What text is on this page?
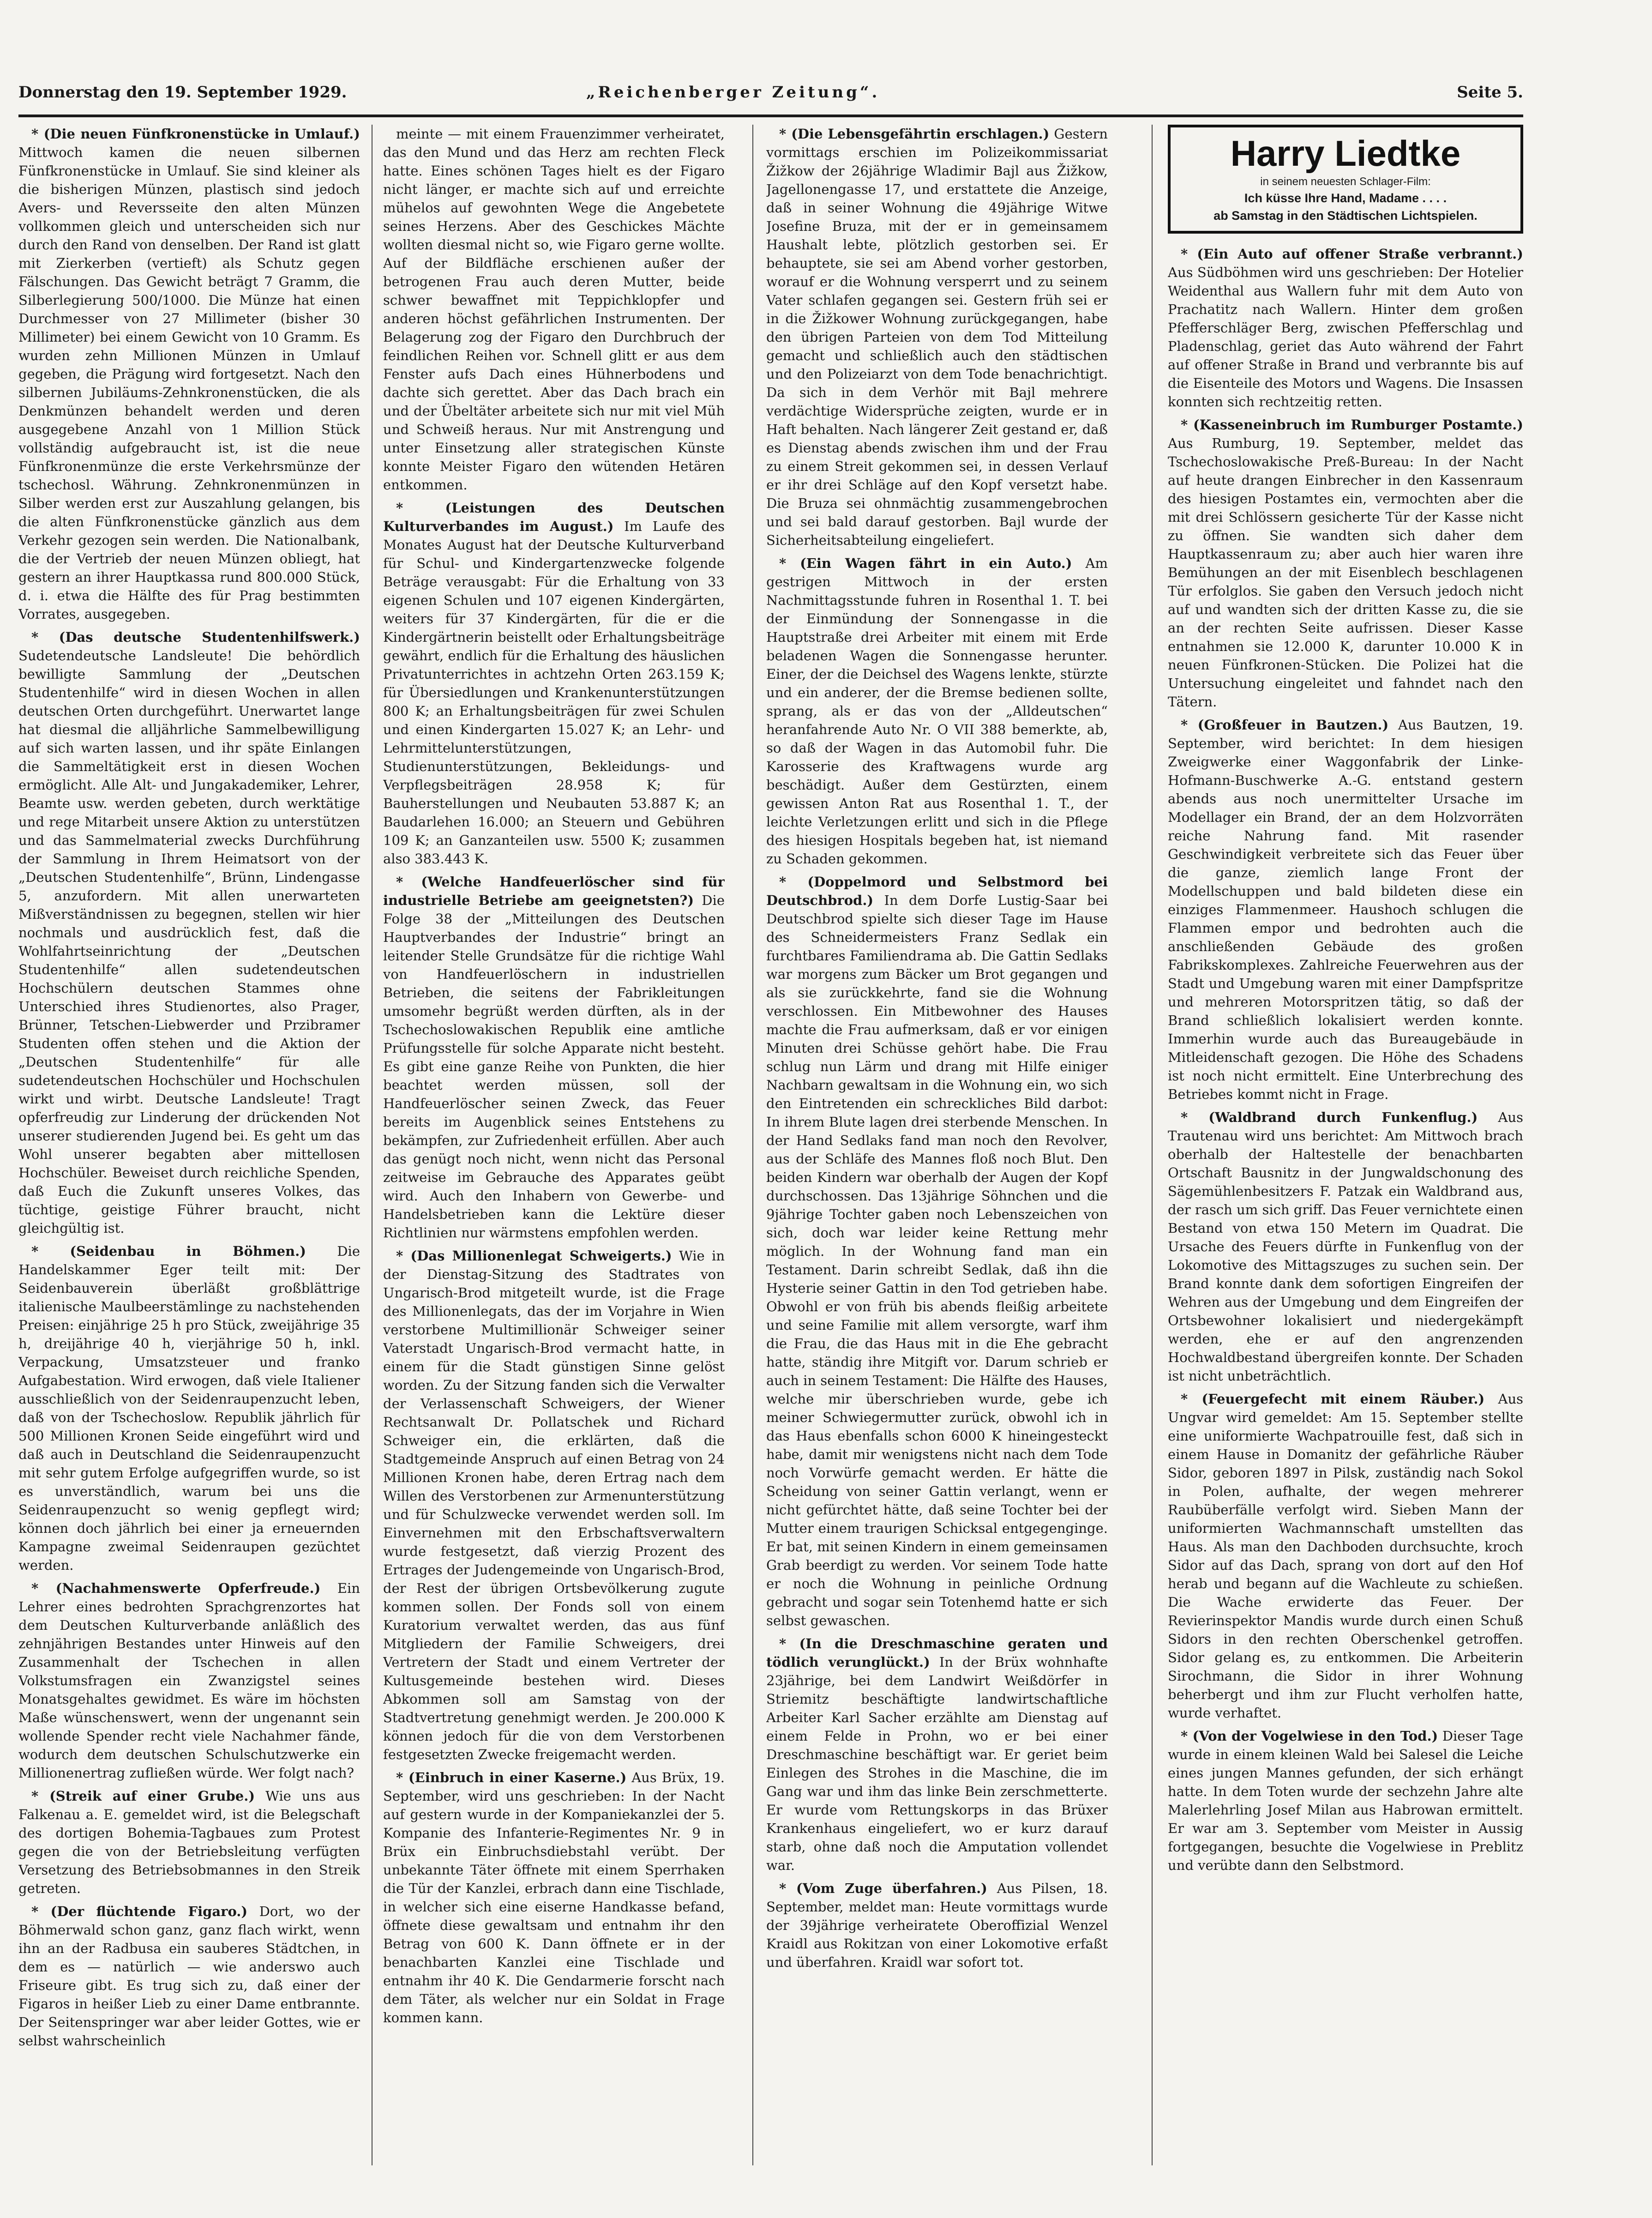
Donnerstag den 19. September 1929.	„Reichenberger Zeitung“.	Seite 5.

* (Die neuen Fünfkronenstücke in Umlauf.) Mittwoch kamen die neuen silbernen Fünfkronenstücke in Umlauf. Sie sind kleiner als die bisherigen Münzen, plastisch sind jedoch Avers- und Reversseite den alten Münzen vollkommen gleich und unterscheiden sich nur durch den Rand von denselben. Der Rand ist glatt mit Zierkerben (vertieft) als Schutz gegen Fälschungen. Das Gewicht beträgt 7 Gramm, die Silberlegierung 500/1000. Die Münze hat einen Durchmesser von 27 Millimeter (bisher 30 Millimeter) bei einem Gewicht von 10 Gramm. Es wurden zehn Millionen Münzen in Umlauf gegeben, die Prägung wird fortgesetzt. Nach den silbernen Jubiläums-Zehnkronenstücken, die als Denkmünzen behandelt werden und deren ausgegebene Anzahl von 1 Million Stück vollständig aufgebraucht ist, ist die neue Fünfkronenmünze die erste Verkehrsmünze der tschechosl. Währung. Zehnkronenmünzen in Silber werden erst zur Auszahlung gelangen, bis die alten Fünfkronenstücke gänzlich aus dem Verkehr gezogen sein werden. Die Nationalbank, die der Vertrieb der neuen Münzen obliegt, hat gestern an ihrer Hauptkassa rund 800.000 Stück, d. i. etwa die Hälfte des für Prag bestimmten Vorrates, ausgegeben.

* (Das deutsche Studentenhilfswerk.) Sudetendeutsche Landsleute! Die behördlich bewilligte Sammlung der „Deutschen Studentenhilfe“ wird in diesen Wochen in allen deutschen Orten durchgeführt. Unerwartet lange hat diesmal die alljährliche Sammelbewilligung auf sich warten lassen, und ihr späte Einlangen die Sammeltätigkeit erst in diesen Wochen ermöglicht. Alle Alt- und Jungakademiker, Lehrer, Beamte usw. werden gebeten, durch werktätige und rege Mitarbeit unsere Aktion zu unterstützen und das Sammelmaterial zwecks Durchführung der Sammlung in Ihrem Heimatsort von der „Deutschen Studentenhilfe“, Brünn, Lindengasse 5, anzufordern. Mit allen unerwarteten Mißverständnissen zu begegnen, stellen wir hier nochmals und ausdrücklich fest, daß die Wohlfahrtseinrichtung der „Deutschen Studentenhilfe“ allen sudetendeutschen Hochschülern deutschen Stammes ohne Unterschied ihres Studienortes, also Prager, Brünner, Tetschen-Liebwerder und Przibramer Studenten offen stehen und die Aktion der „Deutschen Studentenhilfe“ für alle sudetendeutschen Hochschüler und Hochschulen wirkt und wirbt. Deutsche Landsleute! Tragt opferfreudig zur Linderung der drückenden Not unserer studierenden Jugend bei. Es geht um das Wohl unserer begabten aber mittellosen Hochschüler. Beweiset durch reichliche Spenden, daß Euch die Zukunft unseres Volkes, das tüchtige, geistige Führer braucht, nicht gleichgültig ist.

* (Seidenbau in Böhmen.) Die Handelskammer Eger teilt mit: Der Seidenbauverein überläßt großblättrige italienische Maulbeerstämlinge zu nachstehenden Preisen: einjährige 25 h pro Stück, zweijährige 35 h, dreijährige 40 h, vierjährige 50 h, inkl. Verpackung, Umsatzsteuer und franko Aufgabestation. Wird erwogen, daß viele Italiener ausschließlich von der Seidenraupenzucht leben, daß von der Tschechoslow. Republik jährlich für 500 Millionen Kronen Seide eingeführt wird und daß auch in Deutschland die Seidenraupenzucht mit sehr gutem Erfolge aufgegriffen wurde, so ist es unverständlich, warum bei uns die Seidenraupenzucht so wenig gepflegt wird; können doch jährlich bei einer ja erneuernden Kampagne zweimal Seidenraupen gezüchtet werden.

* (Nachahmenswerte Opferfreude.) Ein Lehrer eines bedrohten Sprachgrenzortes hat dem Deutschen Kulturverbande anläßlich des zehnjährigen Bestandes unter Hinweis auf den Zusammenhalt der Tschechen in allen Volkstumsfragen ein Zwanzigstel seines Monatsgehaltes gewidmet. Es wäre im höchsten Maße wünschenswert, wenn der ungenannt sein wollende Spender recht viele Nachahmer fände, wodurch dem deutschen Schulschutzwerke ein Millionenertrag zufließen würde. Wer folgt nach?

* (Streik auf einer Grube.) Wie uns aus Falkenau a. E. gemeldet wird, ist die Belegschaft des dortigen Bohemia-Tagbaues zum Protest gegen die von der Betriebsleitung verfügten Versetzung des Betriebsobmannes in den Streik getreten.

* (Der flüchtende Figaro.) Dort, wo der Böhmerwald schon ganz, ganz flach wirkt, wenn ihn an der Radbusa ein sauberes Städtchen, in dem es — natürlich — wie anderswo auch Friseure gibt. Es trug sich zu, daß einer der Figaros in heißer Lieb zu einer Dame entbrannte. Der Seitenspringer war aber leider Gottes, wie er selbst wahrscheinlich

meinte — mit einem Frauenzimmer verheiratet, das den Mund und das Herz am rechten Fleck hatte. Eines schönen Tages hielt es der Figaro nicht länger, er machte sich auf und erreichte mühelos auf gewohnten Wege die Angebetete seines Herzens. Aber des Geschickes Mächte wollten diesmal nicht so, wie Figaro gerne wollte. Auf der Bildfläche erschienen außer der betrogenen Frau auch deren Mutter, beide schwer bewaffnet mit Teppichklopfer und anderen höchst gefährlichen Instrumenten. Der Belagerung zog der Figaro den Durchbruch der feindlichen Reihen vor. Schnell glitt er aus dem Fenster aufs Dach eines Hühnerbodens und dachte sich gerettet. Aber das Dach brach ein und der Übeltäter arbeitete sich nur mit viel Müh und Schweiß heraus. Nur mit Anstrengung und unter Einsetzung aller strategischen Künste konnte Meister Figaro den wütenden Hetären entkommen.

* (Leistungen des Deutschen Kulturverbandes im August.) Im Laufe des Monates August hat der Deutsche Kulturverband für Schul- und Kindergartenzwecke folgende Beträge verausgabt: Für die Erhaltung von 33 eigenen Schulen und 107 eigenen Kindergärten, weiters für 37 Kindergärten, für die er die Kindergärtnerin beistellt oder Erhaltungsbeiträge gewährt, endlich für die Erhaltung des häuslichen Privatunterrichtes in achtzehn Orten 263.159 K; für Übersiedlungen und Krankenunterstützungen 800 K; an Erhaltungsbeiträgen für zwei Schulen und einen Kindergarten 15.027 K; an Lehr- und Lehrmittelunterstützungen, Studienunterstützungen, Bekleidungs- und Verpflegsbeiträgen 28.958 K; für Bauherstellungen und Neubauten 53.887 K; an Baudarlehen 16.000; an Steuern und Gebühren 109 K; an Ganzanteilen usw. 5500 K; zusammen also 383.443 K.

* (Welche Handfeuerlöscher sind für industrielle Betriebe am geeignetsten?) Die Folge 38 der „Mitteilungen des Deutschen Hauptverbandes der Industrie“ bringt an leitender Stelle Grundsätze für die richtige Wahl von Handfeuerlöschern in industriellen Betrieben, die seitens der Fabrikleitungen umsomehr begrüßt werden dürften, als in der Tschechoslowakischen Republik eine amtliche Prüfungsstelle für solche Apparate nicht besteht. Es gibt eine ganze Reihe von Punkten, die hier beachtet werden müssen, soll der Handfeuerlöscher seinen Zweck, das Feuer bereits im Augenblick seines Entstehens zu bekämpfen, zur Zufriedenheit erfüllen. Aber auch das genügt noch nicht, wenn nicht das Personal zeitweise im Gebrauche des Apparates geübt wird. Auch den Inhabern von Gewerbe- und Handelsbetrieben kann die Lektüre dieser Richtlinien nur wärmstens empfohlen werden.

* (Das Millionenlegat Schweigerts.) Wie in der Dienstag-Sitzung des Stadtrates von Ungarisch-Brod mitgeteilt wurde, ist die Frage des Millionenlegats, das der im Vorjahre in Wien verstorbene Multimillionär Schweiger seiner Vaterstadt Ungarisch-Brod vermacht hatte, in einem für die Stadt günstigen Sinne gelöst worden. Zu der Sitzung fanden sich die Verwalter der Verlassenschaft Schweigers, der Wiener Rechtsanwalt Dr. Pollatschek und Richard Schweiger ein, die erklärten, daß die Stadtgemeinde Anspruch auf einen Betrag von 24 Millionen Kronen habe, deren Ertrag nach dem Willen des Verstorbenen zur Armenunterstützung und für Schulzwecke verwendet werden soll. Im Einvernehmen mit den Erbschaftsverwaltern wurde festgesetzt, daß vierzig Prozent des Ertrages der Judengemeinde von Ungarisch-Brod, der Rest der übrigen Ortsbevölkerung zugute kommen sollen. Der Fonds soll von einem Kuratorium verwaltet werden, das aus fünf Mitgliedern der Familie Schweigers, drei Vertretern der Stadt und einem Vertreter der Kultusgemeinde bestehen wird. Dieses Abkommen soll am Samstag von der Stadtvertretung genehmigt werden. Je 200.000 K können jedoch für die von dem Verstorbenen festgesetzten Zwecke freigemacht werden.

* (Einbruch in einer Kaserne.) Aus Brüx, 19. September, wird uns geschrieben: In der Nacht auf gestern wurde in der Kompaniekanzlei der 5. Kompanie des Infanterie-Regimentes Nr. 9 in Brüx ein Einbruchsdiebstahl verübt. Der unbekannte Täter öffnete mit einem Sperrhaken die Tür der Kanzlei, erbrach dann eine Tischlade, in welcher sich eine eiserne Handkasse befand, öffnete diese gewaltsam und entnahm ihr den Betrag von 600 K. Dann öffnete er in der benachbarten Kanzlei eine Tischlade und entnahm ihr 40 K. Die Gendarmerie forscht nach dem Täter, als welcher nur ein Soldat in Frage kommen kann.

* (Die Lebensgefährtin erschlagen.) Gestern vormittags erschien im Polizeikommissariat Žižkow der 26jährige Wladimir Bajl aus Žižkow, Jagellonengasse 17, und erstattete die Anzeige, daß in seiner Wohnung die 49jährige Witwe Josefine Bruza, mit der er in gemeinsamem Haushalt lebte, plötzlich gestorben sei. Er behauptete, sie sei am Abend vorher gestorben, worauf er die Wohnung versperrt und zu seinem Vater schlafen gegangen sei. Gestern früh sei er in die Žižkower Wohnung zurückgegangen, habe den übrigen Parteien von dem Tod Mitteilung gemacht und schließlich auch den städtischen und den Polizeiarzt von dem Tode benachrichtigt. Da sich in dem Verhör mit Bajl mehrere verdächtige Widersprüche zeigten, wurde er in Haft behalten. Nach längerer Zeit gestand er, daß es Dienstag abends zwischen ihm und der Frau zu einem Streit gekommen sei, in dessen Verlauf er ihr drei Schläge auf den Kopf versetzt habe. Die Bruza sei ohnmächtig zusammengebrochen und sei bald darauf gestorben. Bajl wurde der Sicherheitsabteilung eingeliefert.

* (Ein Wagen fährt in ein Auto.) Am gestrigen Mittwoch in der ersten Nachmittagsstunde fuhren in Rosenthal 1. T. bei der Einmündung der Sonnengasse in die Hauptstraße drei Arbeiter mit einem mit Erde beladenen Wagen die Sonnengasse herunter. Einer, der die Deichsel des Wagens lenkte, stürzte und ein anderer, der die Bremse bedienen sollte, sprang, als er das von der „Alldeutschen“ heranfahrende Auto Nr. O VII 388 bemerkte, ab, so daß der Wagen in das Automobil fuhr. Die Karosserie des Kraftwagens wurde arg beschädigt. Außer dem Gestürzten, einem gewissen Anton Rat aus Rosenthal 1. T., der leichte Verletzungen erlitt und sich in die Pflege des hiesigen Hospitals begeben hat, ist niemand zu Schaden gekommen.

* (Doppelmord und Selbstmord bei Deutschbrod.) In dem Dorfe Lustig-Saar bei Deutschbrod spielte sich dieser Tage im Hause des Schneidermeisters Franz Sedlak ein furchtbares Familiendrama ab. Die Gattin Sedlaks war morgens zum Bäcker um Brot gegangen und als sie zurückkehrte, fand sie die Wohnung verschlossen. Ein Mitbewohner des Hauses machte die Frau aufmerksam, daß er vor einigen Minuten drei Schüsse gehört habe. Die Frau schlug nun Lärm und drang mit Hilfe einiger Nachbarn gewaltsam in die Wohnung ein, wo sich den Eintretenden ein schreckliches Bild darbot: In ihrem Blute lagen drei sterbende Menschen. In der Hand Sedlaks fand man noch den Revolver, aus der Schläfe des Mannes floß noch Blut. Den beiden Kindern war oberhalb der Augen der Kopf durchschossen. Das 13jährige Söhnchen und die 9jährige Tochter gaben noch Lebenszeichen von sich, doch war leider keine Rettung mehr möglich. In der Wohnung fand man ein Testament. Darin schreibt Sedlak, daß ihn die Hysterie seiner Gattin in den Tod getrieben habe. Obwohl er von früh bis abends fleißig arbeitete und seine Familie mit allem versorgte, warf ihm die Frau, die das Haus mit in die Ehe gebracht hatte, ständig ihre Mitgift vor. Darum schrieb er auch in seinem Testament: Die Hälfte des Hauses, welche mir überschrieben wurde, gebe ich meiner Schwiegermutter zurück, obwohl ich in das Haus ebenfalls schon 6000 K hineingesteckt habe, damit mir wenigstens nicht nach dem Tode noch Vorwürfe gemacht werden. Er hätte die Scheidung von seiner Gattin verlangt, wenn er nicht gefürchtet hätte, daß seine Tochter bei der Mutter einem traurigen Schicksal entgegenginge. Er bat, mit seinen Kindern in einem gemeinsamen Grab beerdigt zu werden. Vor seinem Tode hatte er noch die Wohnung in peinliche Ordnung gebracht und sogar sein Totenhemd hatte er sich selbst gewaschen.

* (In die Dreschmaschine geraten und tödlich verunglückt.) In der Brüx wohnhafte 23jährige, bei dem Landwirt Weißdörfer in Striemitz beschäftigte landwirtschaftliche Arbeiter Karl Sacher erzählte am Dienstag auf einem Felde in Prohn, wo er bei einer Dreschmaschine beschäftigt war. Er geriet beim Einlegen des Strohes in die Maschine, die im Gang war und ihm das linke Bein zerschmetterte. Er wurde vom Rettungskorps in das Brüxer Krankenhaus eingeliefert, wo er kurz darauf starb, ohne daß noch die Amputation vollendet war.

* (Vom Zuge überfahren.) Aus Pilsen, 18. September, meldet man: Heute vormittags wurde der 39jährige verheiratete Oberoffizial Wenzel Kraidl aus Rokitzan von einer Lokomotive erfaßt und überfahren. Kraidl war sofort tot.

Harry Liedtke
in seinem neuesten Schlager-Film:
Ich küsse Ihre Hand, Madame . . . .
ab Samstag in den Städtischen Lichtspielen.

* (Ein Auto auf offener Straße verbrannt.) Aus Südböhmen wird uns geschrieben: Der Hotelier Weidenthal aus Wallern fuhr mit dem Auto von Prachatitz nach Wallern. Hinter dem großen Pfefferschläger Berg, zwischen Pfefferschlag und Pladenschlag, geriet das Auto während der Fahrt auf offener Straße in Brand und verbrannte bis auf die Eisenteile des Motors und Wagens. Die Insassen konnten sich rechtzeitig retten.

* (Kasseneinbruch im Rumburger Postamte.) Aus Rumburg, 19. September, meldet das Tschechoslowakische Preß-Bureau: In der Nacht auf heute drangen Einbrecher in den Kassenraum des hiesigen Postamtes ein, vermochten aber die mit drei Schlössern gesicherte Tür der Kasse nicht zu öffnen. Sie wandten sich daher dem Hauptkassenraum zu; aber auch hier waren ihre Bemühungen an der mit Eisenblech beschlagenen Tür erfolglos. Sie gaben den Versuch jedoch nicht auf und wandten sich der dritten Kasse zu, die sie an der rechten Seite aufrissen. Dieser Kasse entnahmen sie 12.000 K, darunter 10.000 K in neuen Fünfkronen-Stücken. Die Polizei hat die Untersuchung eingeleitet und fahndet nach den Tätern.

* (Großfeuer in Bautzen.) Aus Bautzen, 19. September, wird berichtet: In dem hiesigen Zweigwerke einer Waggonfabrik der Linke-Hofmann-Buschwerke A.-G. entstand gestern abends aus noch unermittelter Ursache im Modellager ein Brand, der an dem Holzvorräten reiche Nahrung fand. Mit rasender Geschwindigkeit verbreitete sich das Feuer über die ganze, ziemlich lange Front der Modellschuppen und bald bildeten diese ein einziges Flammenmeer. Haushoch schlugen die Flammen empor und bedrohten auch die anschließenden Gebäude des großen Fabrikskomplexes. Zahlreiche Feuerwehren aus der Stadt und Umgebung waren mit einer Dampfspritze und mehreren Motorspritzen tätig, so daß der Brand schließlich lokalisiert werden konnte. Immerhin wurde auch das Bureaugebäude in Mitleidenschaft gezogen. Die Höhe des Schadens ist noch nicht ermittelt. Eine Unterbrechung des Betriebes kommt nicht in Frage.

* (Waldbrand durch Funkenflug.) Aus Trautenau wird uns berichtet: Am Mittwoch brach oberhalb der Haltestelle der benachbarten Ortschaft Bausnitz in der Jungwaldschonung des Sägemühlenbesitzers F. Patzak ein Waldbrand aus, der rasch um sich griff. Das Feuer vernichtete einen Bestand von etwa 150 Metern im Quadrat. Die Ursache des Feuers dürfte in Funkenflug von der Lokomotive des Mittagszuges zu suchen sein. Der Brand konnte dank dem sofortigen Eingreifen der Wehren aus der Umgebung und dem Eingreifen der Ortsbewohner lokalisiert und niedergekämpft werden, ehe er auf den angrenzenden Hochwaldbestand übergreifen konnte. Der Schaden ist nicht unbeträchtlich.

* (Feuergefecht mit einem Räuber.) Aus Ungvar wird gemeldet: Am 15. September stellte eine uniformierte Wachpatrouille fest, daß sich in einem Hause in Domanitz der gefährliche Räuber Sidor, geboren 1897 in Pilsk, zuständig nach Sokol in Polen, aufhalte, der wegen mehrerer Raubüberfälle verfolgt wird. Sieben Mann der uniformierten Wachmannschaft umstellten das Haus. Als man den Dachboden durchsuchte, kroch Sidor auf das Dach, sprang von dort auf den Hof herab und begann auf die Wachleute zu schießen. Die Wache erwiderte das Feuer. Der Revierinspektor Mandis wurde durch einen Schuß Sidors in den rechten Oberschenkel getroffen. Sidor gelang es, zu entkommen. Die Arbeiterin Sirochmann, die Sidor in ihrer Wohnung beherbergt und ihm zur Flucht verholfen hatte, wurde verhaftet.

* (Von der Vogelwiese in den Tod.) Dieser Tage wurde in einem kleinen Wald bei Salesel die Leiche eines jungen Mannes gefunden, der sich erhängt hatte. In dem Toten wurde der sechzehn Jahre alte Malerlehrling Josef Milan aus Habrowan ermittelt. Er war am 3. September vom Meister in Aussig fortgegangen, besuchte die Vogelwiese in Preblitz und verübte dann den Selbstmord.
